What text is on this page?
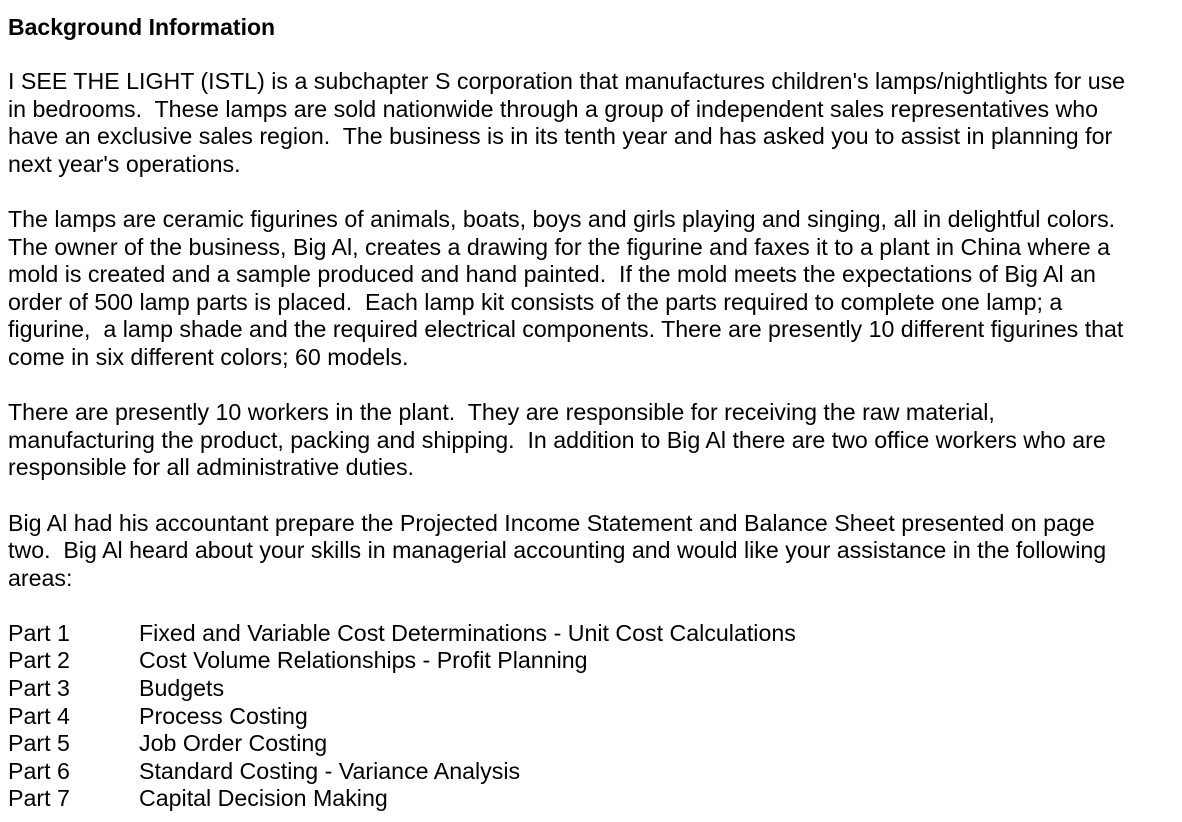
Background Information
I SEE THE LIGHT (ISTL) is a subchapter S corporation that manufactures children's lamps/nightlights for use
in bedrooms.  These lamps are sold nationwide through a group of independent sales representatives who
have an exclusive sales region.  The business is in its tenth year and has asked you to assist in planning for
next year's operations.
The lamps are ceramic figurines of animals, boats, boys and girls playing and singing, all in delightful colors.
The owner of the business, Big Al, creates a drawing for the figurine and faxes it to a plant in China where a
mold is created and a sample produced and hand painted.  If the mold meets the expectations of Big Al an
order of 500 lamp parts is placed.  Each lamp kit consists of the parts required to complete one lamp; a
figurine,  a lamp shade and the required electrical components. There are presently 10 different figurines that
come in six different colors; 60 models.
There are presently 10 workers in the plant.  They are responsible for receiving the raw material,
manufacturing the product, packing and shipping.  In addition to Big Al there are two office workers who are
responsible for all administrative duties.
Big Al had his accountant prepare the Projected Income Statement and Balance Sheet presented on page
two.  Big Al heard about your skills in managerial accounting and would like your assistance in the following
areas:
Part 1	Fixed and Variable Cost Determinations - Unit Cost Calculations
Part 2	Cost Volume Relationships - Profit Planning
Part 3	Budgets
Part 4	Process Costing
Part 5	Job Order Costing
Part 6	Standard Costing - Variance Analysis
Part 7	Capital Decision Making
